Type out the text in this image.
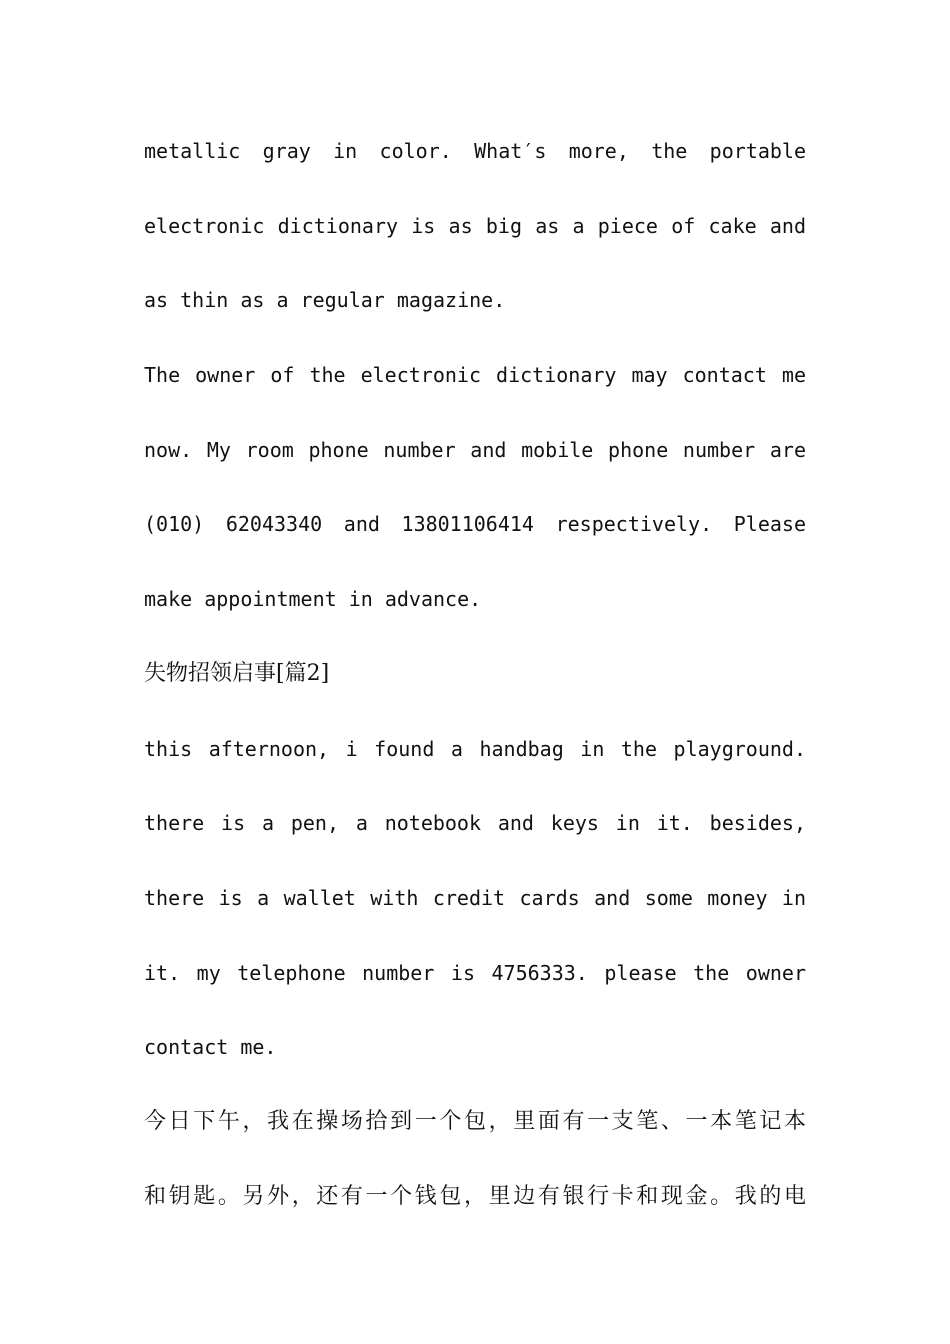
metallic gray in color. What′s more, the portable
electronic dictionary is as big as a piece of cake and
as thin as a regular magazine.
The owner of the electronic dictionary may contact me
now. My room phone number and mobile phone number are
(010) 62043340 and 13801106414 respectively. Please
make appointment in advance.
失物招领启事[篇2]
this afternoon, i found a handbag in the playground.
there is a pen, a notebook and keys in it. besides,
there is a wallet with credit cards and some money in
it. my telephone number is 4756333. please the owner
contact me.
今日下午，我在操场拾到一个包，里面有一支笔、一本笔记本
和钥匙。另外，还有一个钱包，里边有银行卡和现金。我的电
